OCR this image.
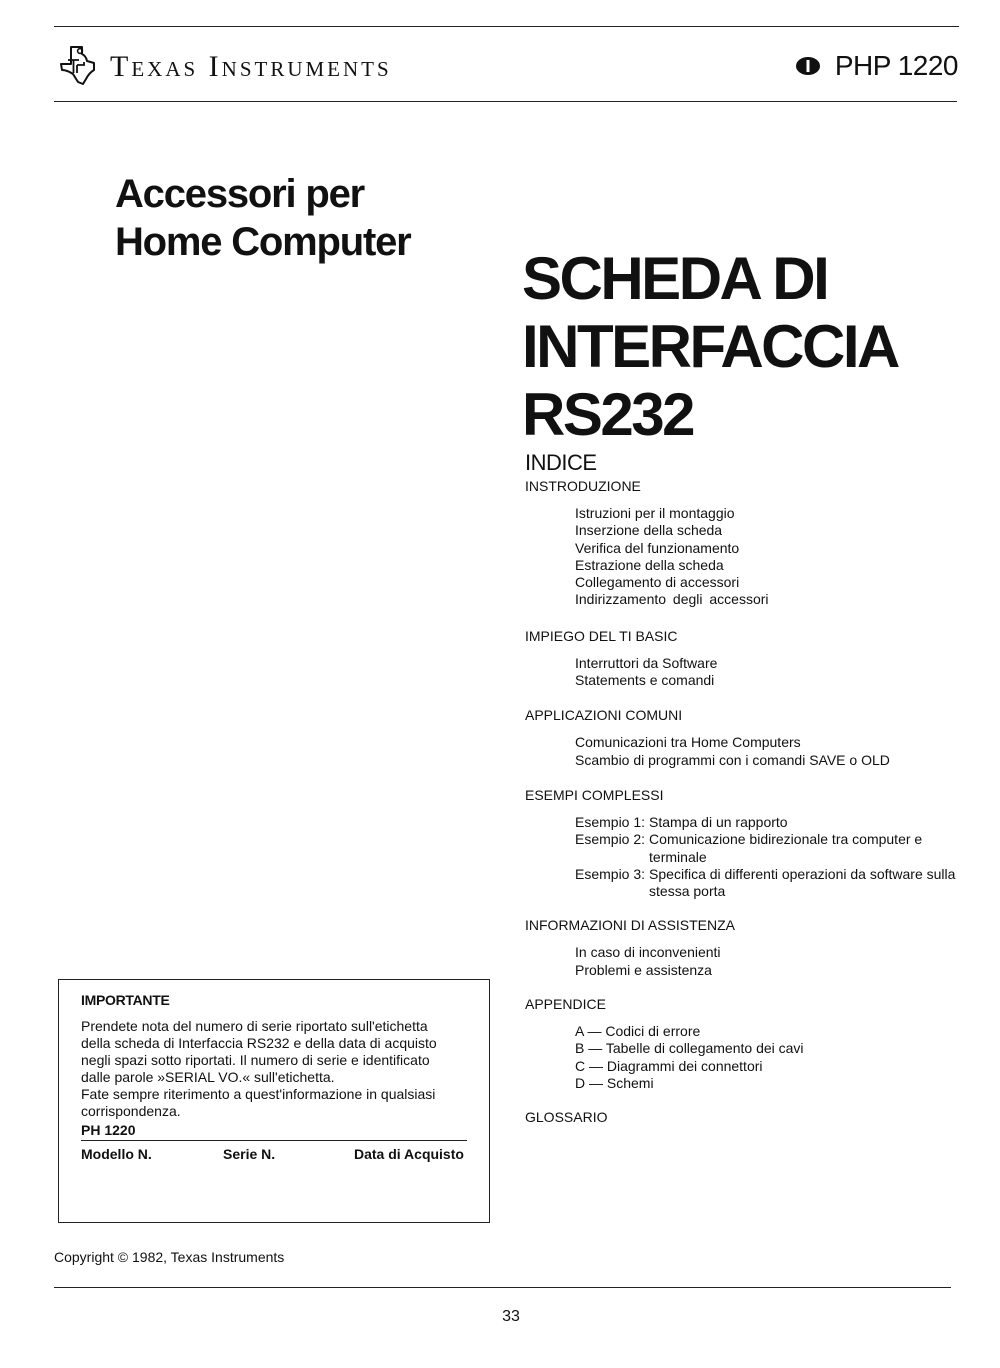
Texas Instruments	PHP 1220
Accessori per Home Computer
SCHEDA DI
INTERFACCIA
RS232
INDICE
INSTRODUZIONE
Istruzioni per il montaggio
Inserzione della scheda
Verifica del funzionamento
Estrazione della scheda
Collegamento di accessori
Indirizzamento degli accessori
IMPIEGO DEL TI BASIC
Interruttori da Software
Statements e comandi
APPLICAZIONI COMUNI
Comunicazioni tra Home Computers
Scambio di programmi con i comandi SAVE o OLD
ESEMPI COMPLESSI
Esempio 1: Stampa di un rapporto
Esempio 2: Comunicazione bidirezionale tra computer e terminale
Esempio 3: Specifica di differenti operazioni da software sulla stessa porta
INFORMAZIONI DI ASSISTENZA
In caso di inconvenienti
Problemi e assistenza
APPENDICE
A — Codici di errore
B — Tabelle di collegamento dei cavi
C — Diagrammi dei connettori
D — Schemi
GLOSSARIO
IMPORTANTE
Prendete nota del numero di serie riportato sull'etichetta
della scheda di Interfaccia RS232 e della data di acquisto
negli spazi sotto riportati. Il numero di serie e identificato
dalle parole »SERIAL VO.« sull'etichetta.
Fate sempre riterimento a quest'informazione in qualsiasi
corrispondenza.
PH 1220
Modello N.	Serie N.	Data di Acquisto
Copyright © 1982, Texas Instruments
33
